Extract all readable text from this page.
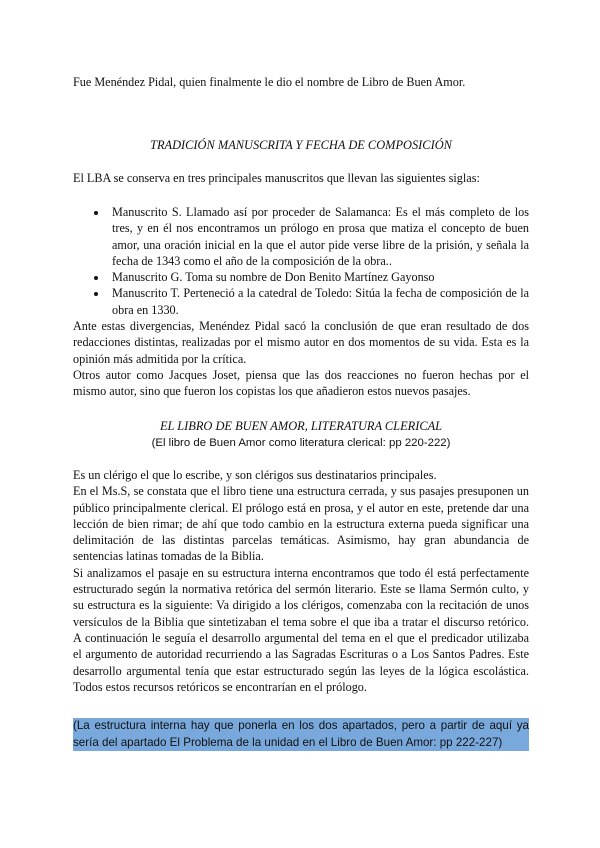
Fue Menéndez Pidal, quien finalmente le dio el nombre de Libro de Buen Amor.
TRADICIÓN MANUSCRITA Y FECHA DE COMPOSICIÓN
El LBA se conserva en tres principales manuscritos que llevan las siguientes siglas:
• Manuscrito S. Llamado así por proceder de Salamanca: Es el más completo de los tres, y en él nos encontramos un prólogo en prosa que matiza el concepto de buen amor, una oración inicial en la que el autor pide verse libre de la prisión, y señala la fecha de 1343 como el año de la composición de la obra..
• Manuscrito G. Toma su nombre de Don Benito Martínez Gayonso
• Manuscrito T. Perteneció a la catedral de Toledo: Sitúa la fecha de composición de la obra en 1330.

Ante estas divergencias, Menéndez Pidal sacó la conclusión de que eran resultado de dos redacciones distintas, realizadas por el mismo autor en dos momentos de su vida. Esta es la opinión más admitida por la crítica.

Otros autor como Jacques Joset, piensa que las dos reacciones no fueron hechas por el mismo autor, sino que fueron los copistas los que añadieron estos nuevos pasajes.

EL LIBRO DE BUEN AMOR, LITERATURA CLERICAL
(El libro de Buen Amor como literatura clerical: pp 220-222)

Es un clérigo el que lo escribe, y son clérigos sus destinatarios principales.

En el Ms.S, se constata que el libro tiene una estructura cerrada, y sus pasajes presuponen un público principalmente clerical. El prólogo está en prosa, y el autor en este, pretende dar una lección de bien rimar; de ahí que todo cambio en la estructura externa pueda significar una delimitación de las distintas parcelas temáticas. Asimismo, hay gran abundancia de sentencias latinas tomadas de la Biblia.

Si analizamos el pasaje en su estructura interna encontramos que todo él está perfectamente estructurado según la normativa retórica del sermón literario. Este se llama Sermón culto, y su estructura es la siguiente: Va dirigido a los clérigos, comenzaba con la recitación de unos versículos de la Biblia que sintetizaban el tema sobre el que iba a tratar el discurso retórico. A continuación le seguía el desarrollo argumental del tema en el que el predicador utilizaba el argumento de autoridad recurriendo a las Sagradas Escrituras o a Los Santos Padres. Este desarrollo argumental tenía que estar estructurado según las leyes de la lógica escolástica. Todos estos recursos retóricos se encontrarían en el prólogo.

(La estructura interna hay que ponerla en los dos apartados, pero a partir de aquí ya sería del apartado El Problema de la unidad en el Libro de Buen Amor: pp 222-227)
